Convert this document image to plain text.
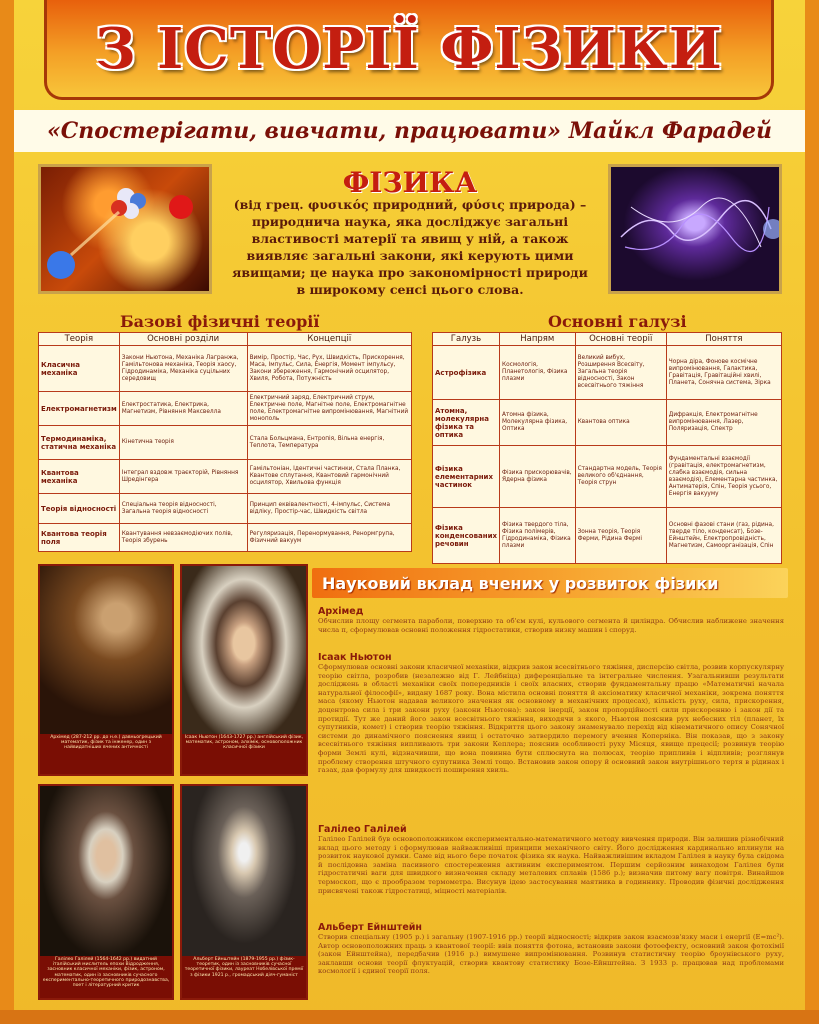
З ІСТОРІЇ ФІЗИКИ
«Спостерігати, вивчати, працювати» Майкл Фарадей
ФІЗИКА
(від грец. φυσικός природний, φύσις природа) – природнича наука, яка досліджує загальні властивості матерії та явищ у ній, а також виявляє загальні закони, які керують цими явищами; це наука про закономірності природи в широкому сенсі цього слова.
Базові фізичні теорії	Основні галузі
Теорія	Основні розділи	Концепції
Класична механіка	Закони Ньютона, Механіка Лагранжа, Гамільтонова механіка, Теорія хаосу, Гідродинаміка, Механіка суцільних середовищ	Вимір, Простір, Час, Рух, Швидкість, Прискорення, Маса, Імпульс, Сила, Енергія, Момент імпульсу, Закони збереження, Гармонічний осцилятор, Хвиля, Робота, Потужність
Електромагнетизм	Електростатика, Електрика, Магнетизм, Рівняння Максвелла	Електричний заряд, Електричний струм, Електричне поле, Магнітне поле, Електромагнітне поле, Електромагнітне випромінювання, Магнітний монополь
Термодинаміка, статична механіка	Кінетична теорія	Стала Больцмана, Ентропія, Вільна енергія, Теплота, Температура
Квантова механіка	Інтеграл вздовж траєкторій, Рівняння Шредінгера	Гамільтоніан, Ідентичні частинки, Стала Планка, Квантове сплутання, Квантовий гармонічний осцилятор, Хвильова функція
Теорія відносності	Спеціальна теорія відносності, Загальна теорія відносності	Принцип еквівалентності, 4-імпульс, Система відліку, Простір-час, Швидкість світла
Квантова теорія поля	Квантування невзаємодіючих полів, Теорія збурень	Регуляризація, Перенормування, Ренормгрупа, Фізичний вакуум
Галузь	Напрям	Основні теорії	Поняття
Астрофізика	Космологія, Планетологія, Фізика плазми	Великий вибух, Розширення Всесвіту, Загальна теорія відносності, Закон всесвітнього тяжіння	Чорна діра, Фонове космічне випромінювання, Галактика, Гравітація, Гравітаційні хвилі, Планета, Сонячна система, Зірка
Атомна, молекулярна фізика та оптика	Атомна фізика, Молекулярна фізика, Оптика	Квантова оптика	Дифракція, Електромагнітне випромінювання, Лазер, Поляризація, Спектр
Фізика елементарних частинок	Фізика прискорювачів, Ядерна фізика	Стандартна модель, Теорія великого об'єднання, Теорія струн	Фундаментальні взаємодії (гравітація, електромагнетизм, слабка взаємодія, сильна взаємодія), Елементарна частинка, Антиматерія, Спін, Теорія усього, Енергія вакууму
Фізика конденсованих речовин	Фізика твердого тіла, Фізика полімерів, Гідродинаміка, Фізика плазми	Зонна теорія, Теорія Ферми, Рідина Фермі	Основні фазові стани (газ, рідина, тверде тіло, конденсат), Бозе-Ейнштейн, Електропровідність, Магнетизм, Самоорганізація, Спін
Архімед (287-212 рр. до н.е.) давньогрецький математик, фізик та інженер, один з найвидатніших вчених античності
Ісаак Ньютон (1643-1727 рр.) англійський фізик, математик, астроном, алхімік, основоположник класичної фізики
Галілео Галілей (1564-1642 рр.) видатний італійський мислитель епохи Відродження, засновник класичної механіки, фізик, астроном, математик, один із засновників сучасного експериментально-теоретичного природознавства, поет і літературний критик
Альберт Ейнштейн (1879-1955 рр.) фізик-теоретик, один із засновників сучасної теоретичної фізики, лауреат Нобелівської премії з фізики 1921 р., громадський діяч-гуманіст
Науковий вклад вчених у розвиток фізики
Архімед
Обчислив площу сегмента параболи, поверхню та об'єм кулі, кульового сегмента й циліндра. Обчислив наближене значення числа π, сформулював основні положення гідростатики, створив низку машин і споруд.
Ісаак Ньютон
Сформулював основні закони класичної механіки, відкрив закон всесвітнього тяжіння, дисперсію світла, розвив корпускулярну теорію світла, розробив (незалежно від Г. Лейбніца) диференціальне та інтегральне числення. Узагальнивши результати досліджень в області механіки своїх попередників і своїх власних, створив фундаментальну працю «Математичні начала натуральної філософії», видану 1687 року. Вона містила основні поняття й аксіоматику класичної механіки, зокрема поняття маса (якому Ньютон надавав великого значення як основному в механічних процесах), кількість руху, сила, прискорення, доцентрова сила і три закони руху (закони Ньютона): закон інерції, закон пропорційності сили прискоренню і закон дії та протидії. Тут же даний його закон всесвітнього тяжіння, виходячи з якого, Ньютон пояснив рух небесних тіл (планет, їх супутників, комет) і створив теорію тяжіння. Відкриття цього закону знаменувало перехід від кінематичного опису Сонячної системи до динамічного пояснення явищ і остаточно затвердило перемогу вчення Коперніка. Він показав, що з закону всесвітнього тяжіння випливають три закони Кеплера; пояснив особливості руху Місяця, явище прецесії; розвинув теорію форми Землі кулі, відзначивши, що вона повинна бути сплюснута на полюсах, теорію припливів і відпливів; розглянув проблему створення штучного супутника Землі тощо. Встановив закон опору й основний закон внутрішнього тертя в рідинах і газах, дав формулу для швидкості поширення хвиль.
Галілео Галілей
Галілео Галілей був основоположником експериментально-математичного методу вивчення природи. Він залишив різнобічний вклад цього методу і сформулював найважливіші принципи механічного світу. Його дослідження кардинально вплинули на розвиток наукової думки. Саме від нього бере початок фізика як наука. Найважливішим вкладом Галілея в науку була свідома й послідовна заміна пасивного спостереження активним експериментом. Першим серйозним винаходом Галілея були гідростатичні ваги для швидкого визначення складу металевих сплавів (1586 р.); визначив питому вагу повітря. Винайшов термоскоп, що є прообразом термометра. Висунув ідею застосування маятника в годиннику. Проводив фізичні дослідження присвячені також гідростатиці, міцності матеріалів.
Альберт Ейнштейн
Створив спеціальну (1905 р.) і загальну (1907-1916 рр.) теорії відносності; відкрив закон взаємозв'язку маси і енергії (E=mc²). Автор основоположних праць з квантової теорії: ввів поняття фотона, встановив закони фотоефекту, основний закон фотохімії (закон Ейнштейна), передбачив (1916 р.) вимушене випромінювання. Розвинув статистичну теорію броунівського руху, заклавши основи теорії флуктуацій, створив квантову статистику Бозе-Ейнштейна. З 1933 р. працював над проблемами космології і єдиної теорії поля.
